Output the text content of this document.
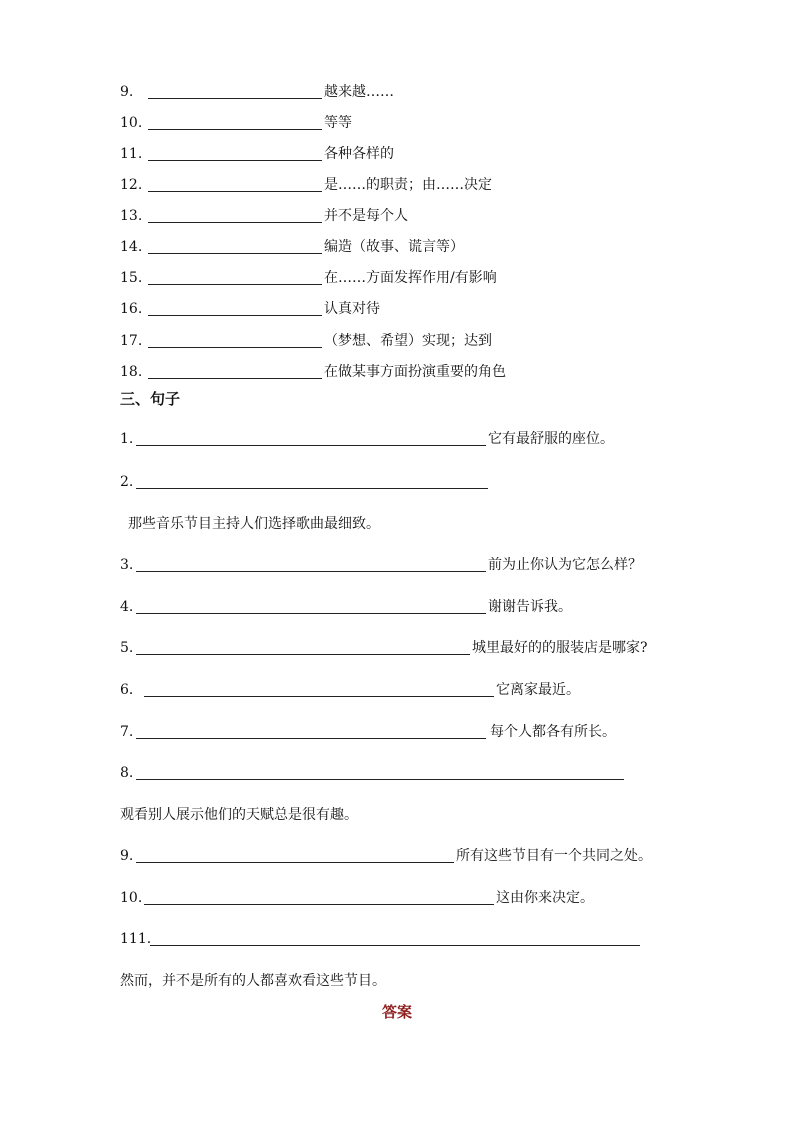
9.	越来越……
10.	等等
11.	各种各样的
12.	是……的职责；由……决定
13.	并不是每个人
14.	编造（故事、谎言等）
15.	在……方面发挥作用/有影响
16.	认真对待
17.	（梦想、希望）实现；达到
18.	在做某事方面扮演重要的角色
三、句子
1.	它有最舒服的座位。
2.
那些音乐节目主持人们选择歌曲最细致。
3.	前为止你认为它怎么样？
4.	谢谢告诉我。
5.	城里最好的的服装店是哪家?
6．	它离家最近。
7.	每个人都各有所长。
8.
观看别人展示他们的天赋总是很有趣。
9.	所有这些节目有一个共同之处。
10.	这由你来决定。
111.
然而，并不是所有的人都喜欢看这些节目。
答案
